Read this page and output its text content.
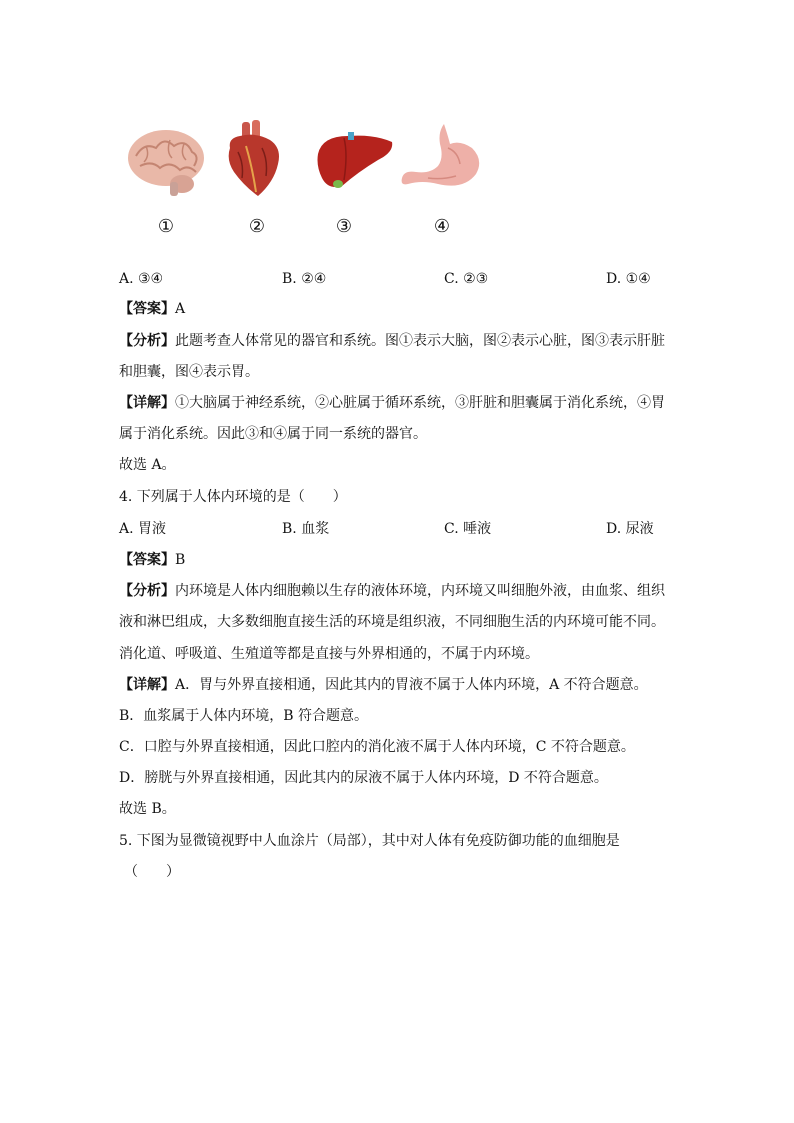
①	②	③	④
A. ③④	B. ②④	C. ②③	D. ①④
【答案】A
【分析】此题考查人体常见的器官和系统。图①表示大脑，图②表示心脏，图③表示肝脏
和胆囊，图④表示胃。
【详解】①大脑属于神经系统，②心脏属于循环系统，③肝脏和胆囊属于消化系统，④胃
属于消化系统。因此③和④属于同一系统的器官。
故选 A。
4. 下列属于人体内环境的是（　　）
A. 胃液	B. 血浆	C. 唾液	D. 尿液
【答案】B
【分析】内环境是人体内细胞赖以生存的液体环境，内环境又叫细胞外液，由血浆、组织
液和淋巴组成，大多数细胞直接生活的环境是组织液，不同细胞生活的内环境可能不同。
消化道、呼吸道、生殖道等都是直接与外界相通的，不属于内环境。
【详解】A．胃与外界直接相通，因此其内的胃液不属于人体内环境，A 不符合题意。
B．血浆属于人体内环境，B 符合题意。
C．口腔与外界直接相通，因此口腔内的消化液不属于人体内环境，C 不符合题意。
D．膀胱与外界直接相通，因此其内的尿液不属于人体内环境，D 不符合题意。
故选 B。
5. 下图为显微镜视野中人血涂片（局部），其中对人体有免疫防御功能的血细胞是
（　　）
